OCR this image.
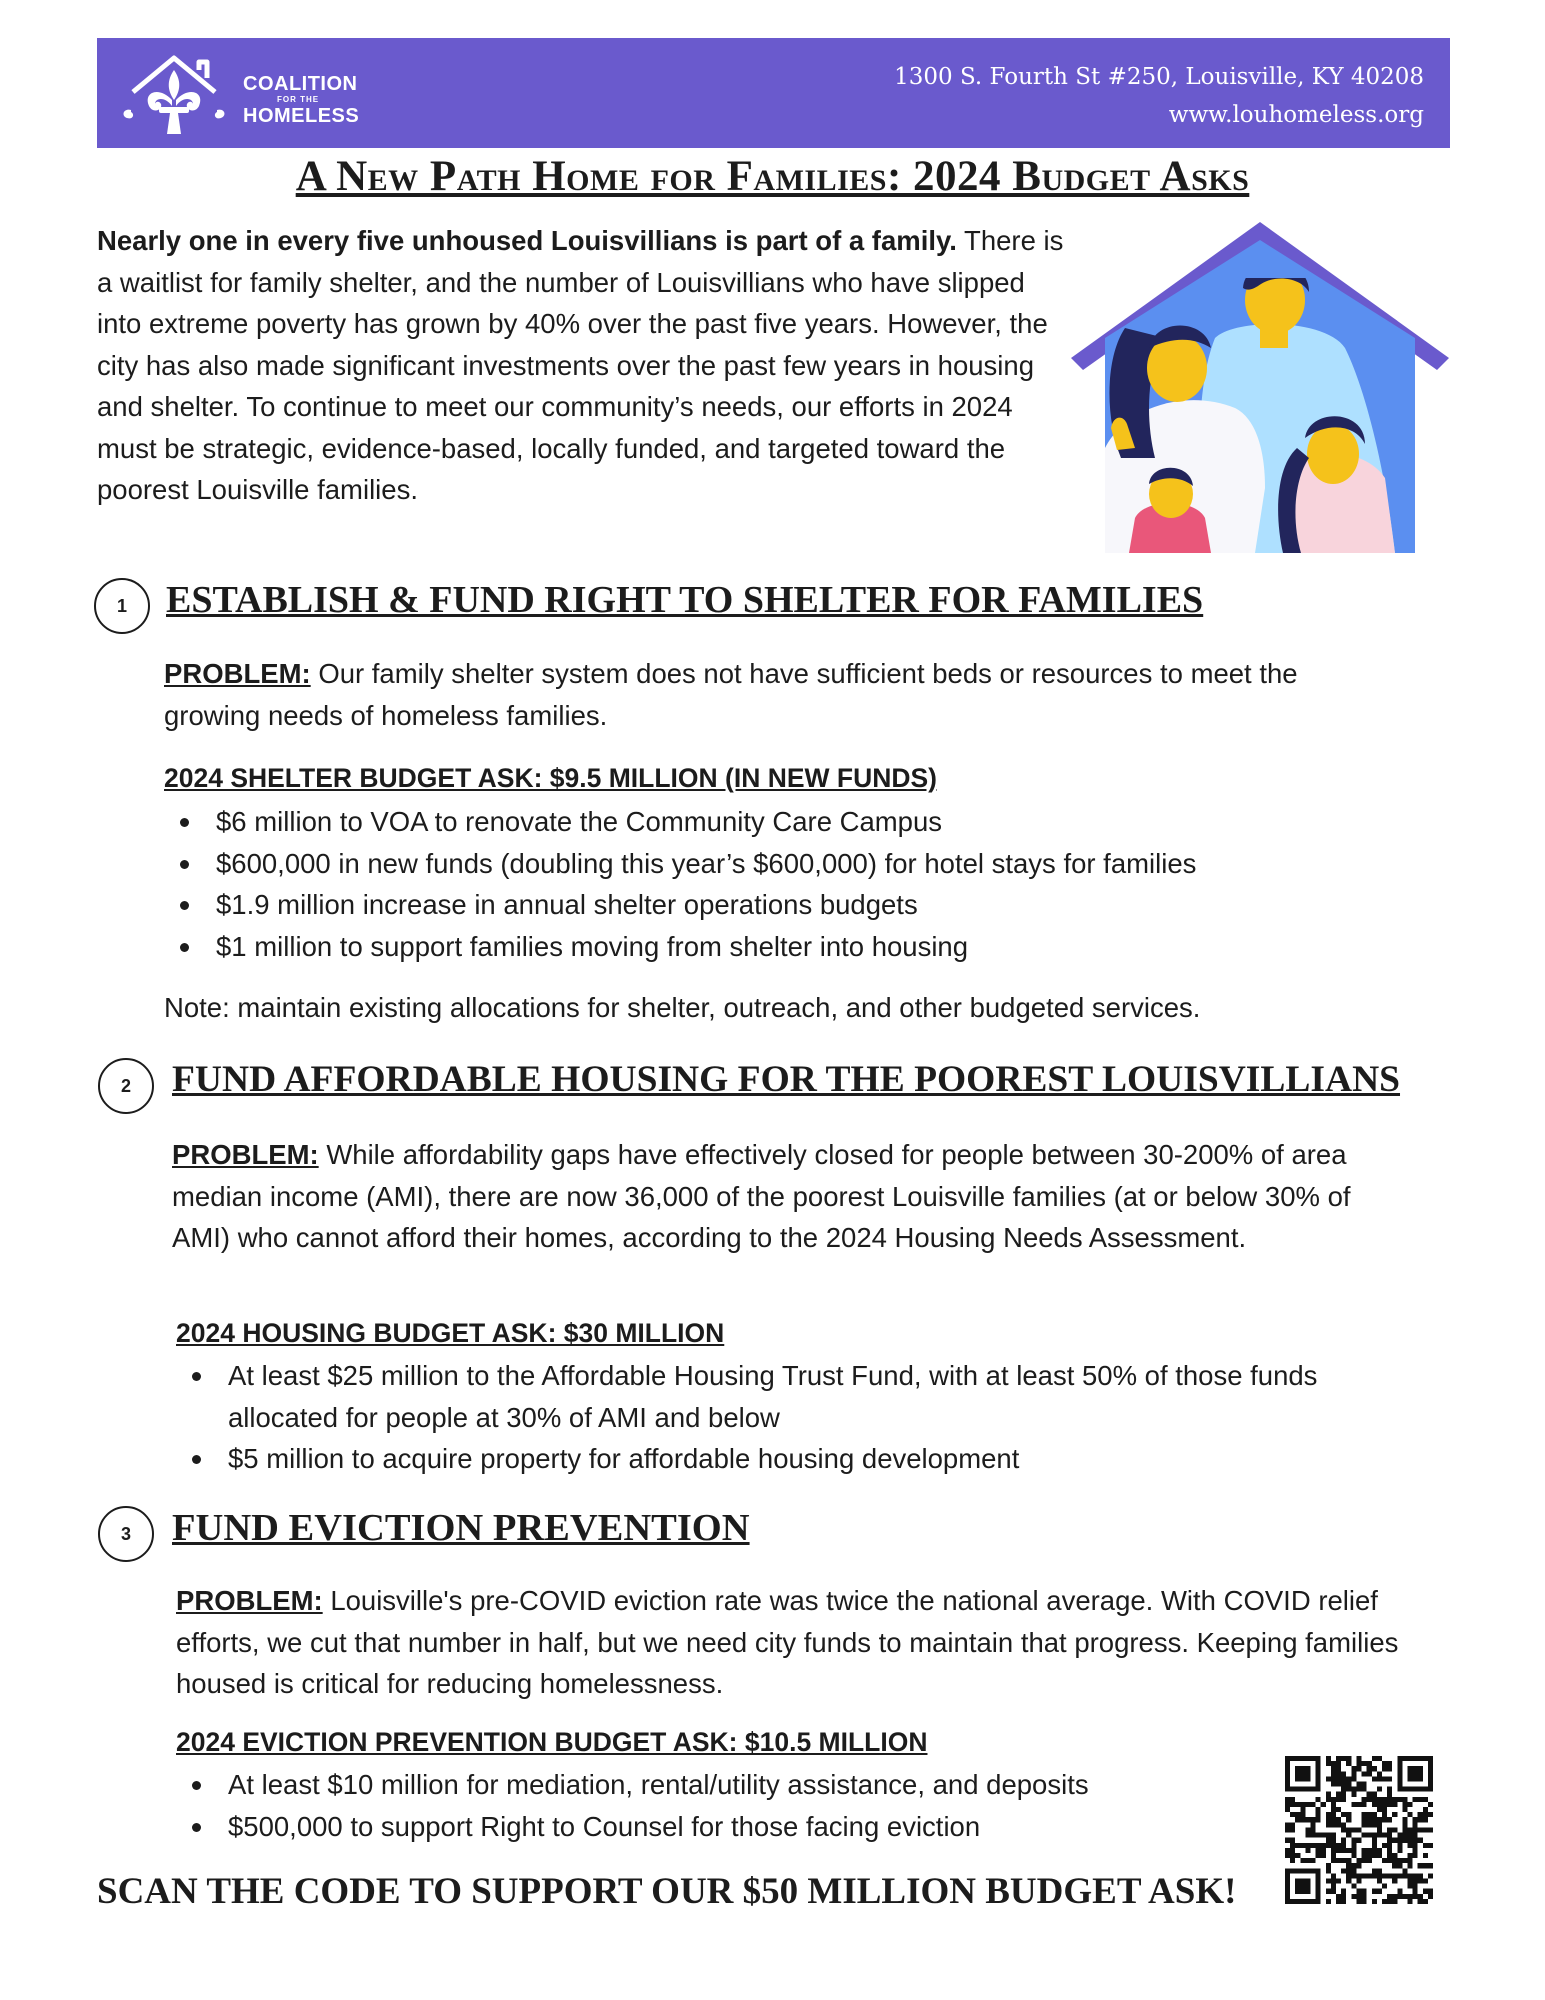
COALITION
FOR THE
HOMELESS
1300 S. Fourth St #250, Louisville, KY 40208
www.louhomeless.org
A New Path Home for Families: 2024 Budget Asks
Nearly one in every five unhoused Louisvillians is part of a family. There is a waitlist for family shelter, and the number of Louisvillians who have slipped into extreme poverty has grown by 40% over the past five years. However, the city has also made significant investments over the past few years in housing and shelter. To continue to meet our community’s needs, our efforts in 2024 must be strategic, evidence-based, locally funded, and targeted toward the poorest Louisville families.
1	ESTABLISH & FUND RIGHT TO SHELTER FOR FAMILIES
PROBLEM: Our family shelter system does not have sufficient beds or resources to meet the growing needs of homeless families.
2024 SHELTER BUDGET ASK: $9.5 MILLION (IN NEW FUNDS)
$6 million to VOA to renovate the Community Care Campus
$600,000 in new funds (doubling this year’s $600,000) for hotel stays for families
$1.9 million increase in annual shelter operations budgets
$1 million to support families moving from shelter into housing
Note: maintain existing allocations for shelter, outreach, and other budgeted services.
2	FUND AFFORDABLE HOUSING FOR THE POOREST LOUISVILLIANS
PROBLEM: While affordability gaps have effectively closed for people between 30-200% of area median income (AMI), there are now 36,000 of the poorest Louisville families (at or below 30% of AMI) who cannot afford their homes, according to the 2024 Housing Needs Assessment.
2024 HOUSING BUDGET ASK: $30 MILLION
At least $25 million to the Affordable Housing Trust Fund, with at least 50% of those funds allocated for people at 30% of AMI and below
$5 million to acquire property for affordable housing development
3	FUND EVICTION PREVENTION
PROBLEM: Louisville's pre-COVID eviction rate was twice the national average. With COVID relief efforts, we cut that number in half, but we need city funds to maintain that progress. Keeping families housed is critical for reducing homelessness.
2024 EVICTION PREVENTION BUDGET ASK: $10.5 MILLION
At least $10 million for mediation, rental/utility assistance, and deposits
$500,000 to support Right to Counsel for those facing eviction
SCAN THE CODE TO SUPPORT OUR $50 MILLION BUDGET ASK!
